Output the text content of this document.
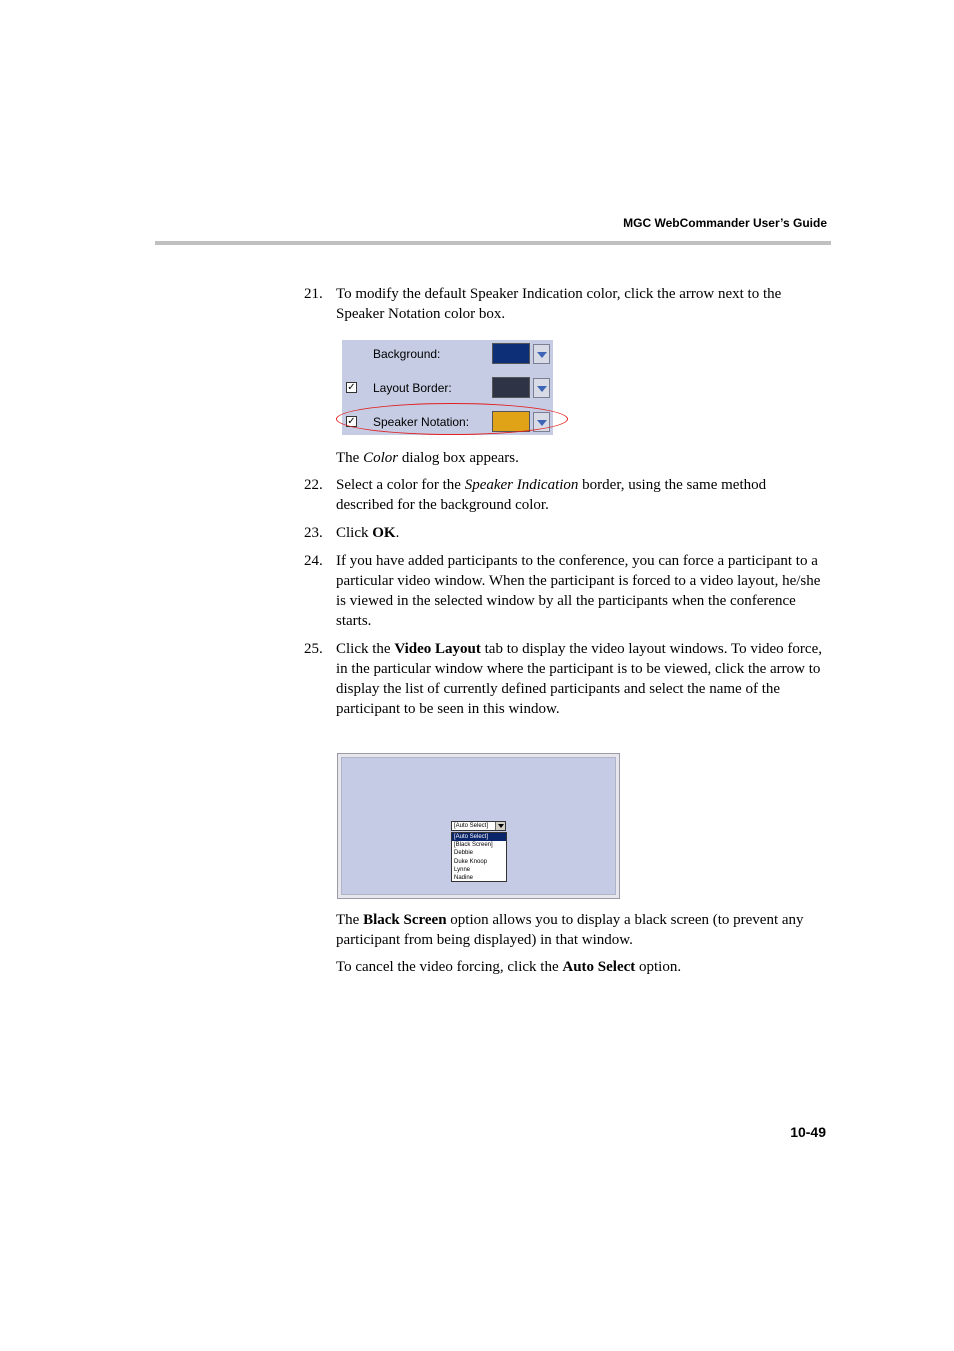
MGC WebCommander User’s Guide
21. To modify the default Speaker Indication color, click the arrow next to the Speaker Notation color box.
Background:
✓ Layout Border:
✓ Speaker Notation:
The Color dialog box appears.
22. Select a color for the Speaker Indication border, using the same method described for the background color.
23. Click OK.
24. If you have added participants to the conference, you can force a participant to a particular video window. When the participant is forced to a video layout, he/she is viewed in the selected window by all the participants when the conference starts.
25. Click the Video Layout tab to display the video layout windows. To video force, in the particular window where the participant is to be viewed, click the arrow to display the list of currently defined participants and select the name of the participant to be seen in this window.
[Auto Select]
[Auto Select]
[Black Screen]
Debbie
Duke Knoop
Lynne
Nadine
The Black Screen option allows you to display a black screen (to prevent any participant from being displayed) in that window.
To cancel the video forcing, click the Auto Select option.
10-49
